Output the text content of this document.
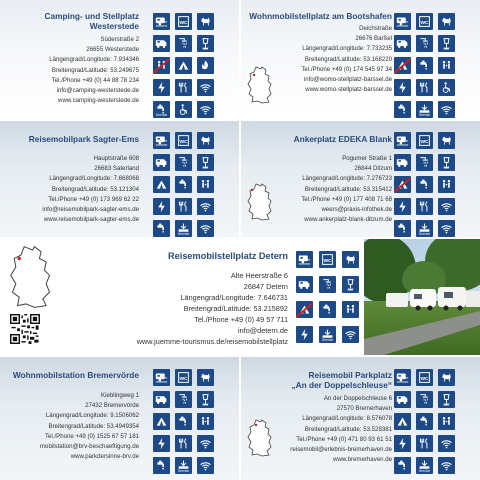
Camping- und Stellplatz
Westerstede
Süderstraße 2
26655 Westerstede
Längengrad/Longitude: 7.934346
Breitengrad/Latitude: 53.249675
Tel./Phone +49 (0) 44 88 78 234
info@camping-westerstede.de
www.camping-westerstede.de
WC
SAT
Service
Wohnmobilstellplatz am Bootshafen
Deichstraße
26676 Barßel
Längengrad/Longitude: 7.733235
Breitengrad/Latitude: 53.168220
Tel./Phone +49 (0) 174 545 97 34
info@womo-stellplatz-barssel.de
www.womo-stellplatz-barssel.de
WC
SAT
Service
Reisemobilpark Sagter-Ems
Hauptstraße 608
26683 Saterland
Längengrad/Longitude: 7.668068
Breitengrad/Latitude: 53.121304
Tel./Phone +49 (0) 173 969 62 22
info@reisemobilpark-sagter-ems.de
www.reisemobilpark-sagter-ems.de
WC
SAT
Service
Ankerplatz EDEKA Blank
Pogumer Straße 1
26844 Ditzum
Längengrad/Longitude: 7.276723
Breitengrad/Latitude: 53.315412
Tel./Phone +49 (0) 177 408 71 68
weers@praxis-infothek.de
www.ankerplatz-blank-ditzum.de
WC
SAT
Service
Reisemobilstellplatz Detern
Alte Heerstraße 6
26847 Detern
Längengrad/Longitude: 7.646731
Breitengrad/Latitude: 53.215892
Tel./Phone +49 (0) 49 57 711
info@detern.de
www.juemme-tourismus.de/reisemobilstellplatz
WC
SAT
Service
Wohnmobilstation Bremervörde
Kieblingweg 1
27432 Bremervörde
Längengrad/Longitude: 9.1506062
Breitengrad/Latitude: 53.4949354
Tel./Phone +49 (0) 1525 67 57 181
mobilstation@brv-beschaeftigung.de
www.parkdersinne-brv.de
WC
SAT
Service
Reisemobil Parkplatz
„An der Doppelschleuse“
An der Doppelschleuse 6
27570 Bremerhaven
Längengrad/Longitude: 8.576078
Breitengrad/Latitude: 53.528381
Tel./Phone +49 (0) 471 80 93 61 51
reisemobil@erlebnis-bremerhaven.de
www.bremerhaven.de
WC
SAT
Service
